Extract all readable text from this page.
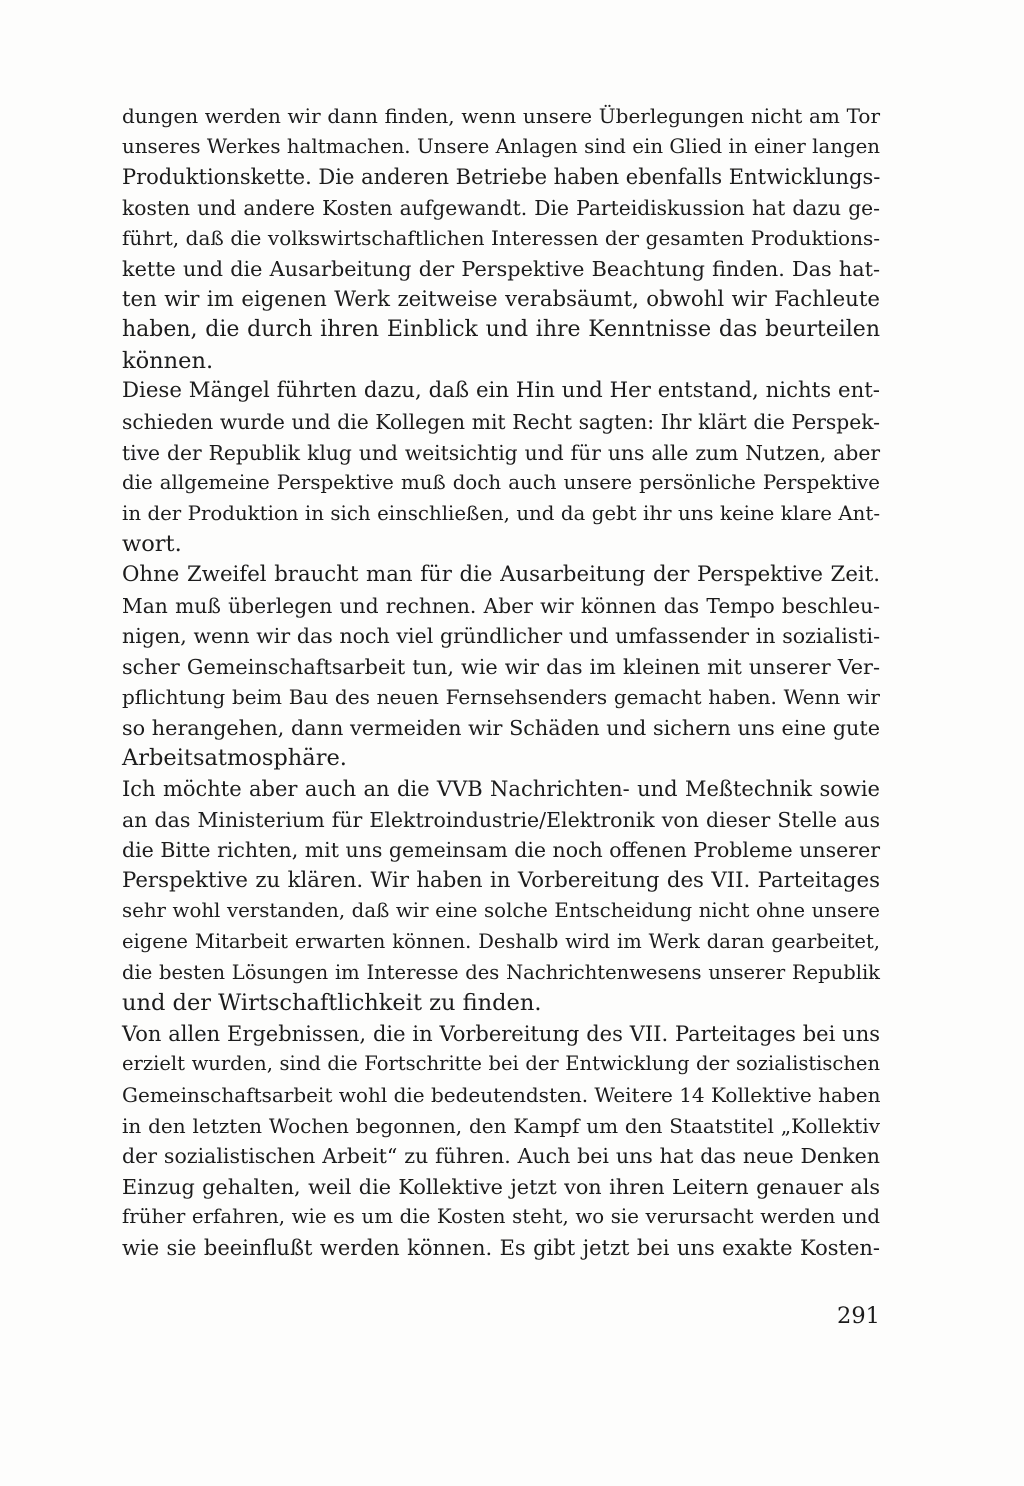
dungen werden wir dann finden, wenn unsere Überlegungen nicht am Tor
unseres Werkes haltmachen. Unsere Anlagen sind ein Glied in einer langen
Produktionskette. Die anderen Betriebe haben ebenfalls Entwicklungs-
kosten und andere Kosten aufgewandt. Die Parteidiskussion hat dazu ge-
führt, daß die volkswirtschaftlichen Interessen der gesamten Produktions-
kette und die Ausarbeitung der Perspektive Beachtung finden. Das hat-
ten wir im eigenen Werk zeitweise verabsäumt, obwohl wir Fachleute
haben, die durch ihren Einblick und ihre Kenntnisse das beurteilen
können.
Diese Mängel führten dazu, daß ein Hin und Her entstand, nichts ent-
schieden wurde und die Kollegen mit Recht sagten: Ihr klärt die Perspek-
tive der Republik klug und weitsichtig und für uns alle zum Nutzen, aber
die allgemeine Perspektive muß doch auch unsere persönliche Perspektive
in der Produktion in sich einschließen, und da gebt ihr uns keine klare Ant-
wort.
Ohne Zweifel braucht man für die Ausarbeitung der Perspektive Zeit.
Man muß überlegen und rechnen. Aber wir können das Tempo beschleu-
nigen, wenn wir das noch viel gründlicher und umfassender in sozialisti-
scher Gemeinschaftsarbeit tun, wie wir das im kleinen mit unserer Ver-
pflichtung beim Bau des neuen Fernsehsenders gemacht haben. Wenn wir
so herangehen, dann vermeiden wir Schäden und sichern uns eine gute
Arbeitsatmosphäre.
Ich möchte aber auch an die VVB Nachrichten- und Meßtechnik sowie
an das Ministerium für Elektroindustrie/Elektronik von dieser Stelle aus
die Bitte richten, mit uns gemeinsam die noch offenen Probleme unserer
Perspektive zu klären. Wir haben in Vorbereitung des VII. Parteitages
sehr wohl verstanden, daß wir eine solche Entscheidung nicht ohne unsere
eigene Mitarbeit erwarten können. Deshalb wird im Werk daran gearbeitet,
die besten Lösungen im Interesse des Nachrichtenwesens unserer Republik
und der Wirtschaftlichkeit zu finden.
Von allen Ergebnissen, die in Vorbereitung des VII. Parteitages bei uns
erzielt wurden, sind die Fortschritte bei der Entwicklung der sozialistischen
Gemeinschaftsarbeit wohl die bedeutendsten. Weitere 14 Kollektive haben
in den letzten Wochen begonnen, den Kampf um den Staatstitel „Kollektiv
der sozialistischen Arbeit“ zu führen. Auch bei uns hat das neue Denken
Einzug gehalten, weil die Kollektive jetzt von ihren Leitern genauer als
früher erfahren, wie es um die Kosten steht, wo sie verursacht werden und
wie sie beeinflußt werden können. Es gibt jetzt bei uns exakte Kosten-
291
